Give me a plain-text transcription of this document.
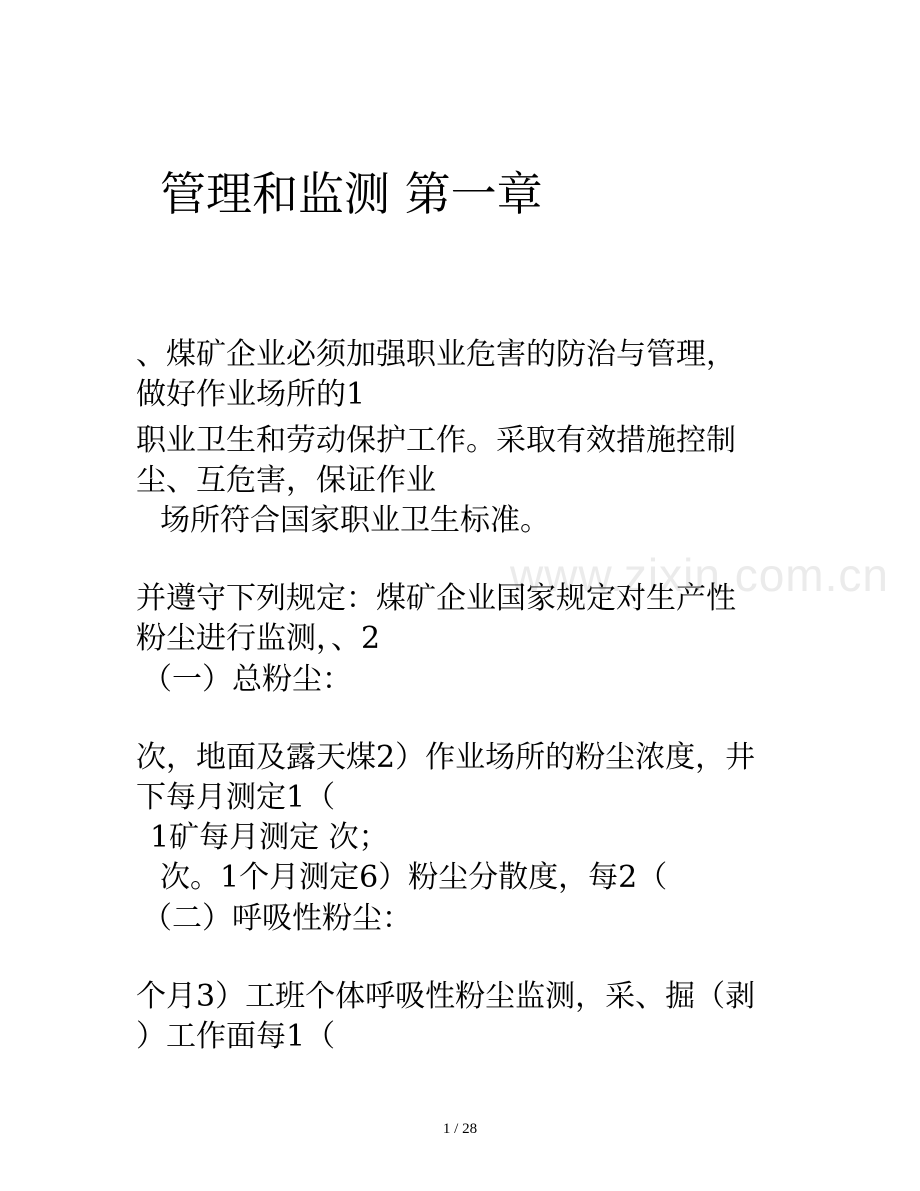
www.zixin.com.cn
管理和监测 第一章
、煤矿企业必须加强职业危害的防治与管理，
做好作业场所的1
职业卫生和劳动保护工作。采取有效措施控制
尘、互危害，保证作业
场所符合国家职业卫生标准。
并遵守下列规定：煤矿企业国家规定对生产性
粉尘进行监测，、2
（一）总粉尘：
次，地面及露天煤2）作业场所的粉尘浓度，井
下每月测定1（
1矿每月测定 次；
次。1个月测定6）粉尘分散度，每2（
（二）呼吸性粉尘：
个月3）工班个体呼吸性粉尘监测，采、掘（剥
）工作面每1（
1 / 28
